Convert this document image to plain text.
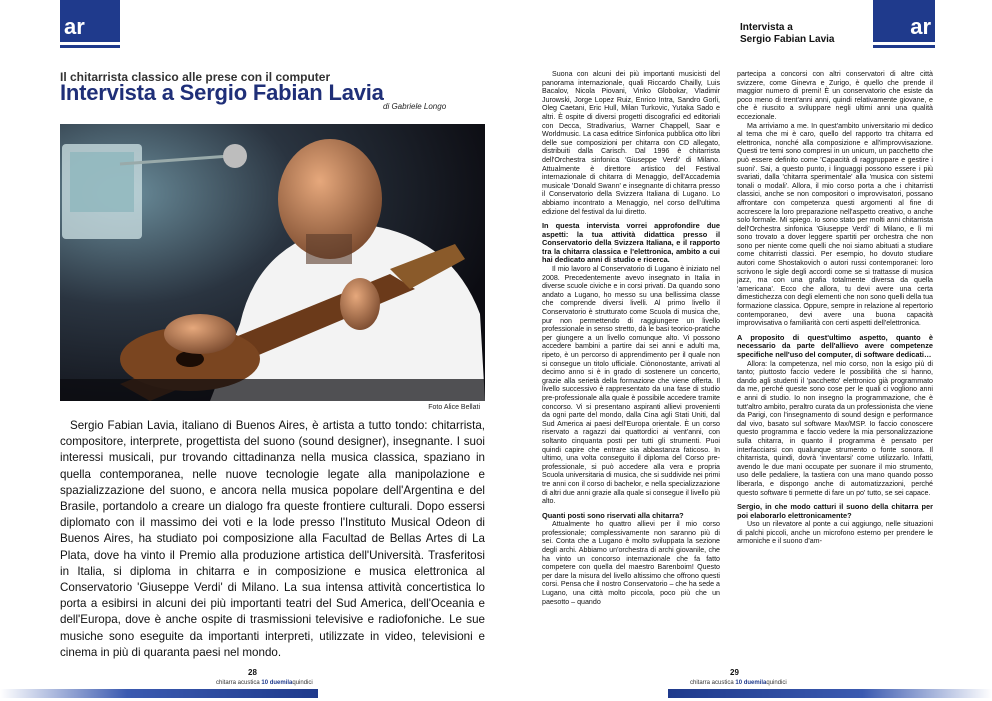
ar
Il chitarrista classico alle prese con il computer
Intervista a Sergio Fabian Lavia
di Gabriele Longo
Foto Alice Bellati
Sergio Fabian Lavia, italiano di Buenos Aires, è artista a tutto tondo: chitarrista, compositore, interprete, progettista del suono (sound designer), insegnante. I suoi interessi musicali, pur trovando cittadinanza nella musica classica, spaziano in quella contemporanea, nelle nuove tecnologie legate alla manipolazione e spazializzazione del suono, e ancora nella musica popolare dell'Argentina e del Brasile, portandolo a creare un dialogo fra queste frontiere culturali. Dopo essersi diplomato con il massimo dei voti e la lode presso l'Instituto Musical Odeon di Buenos Aires, ha studiato poi composizione alla Facultad de Bellas Artes di La Plata, dove ha vinto il Premio alla produzione artistica dell'Università. Trasferitosi in Italia, si diploma in chitarra e in composizione e musica elettronica al Conservatorio 'Giuseppe Verdi' di Milano. La sua intensa attività concertistica lo porta a esibirsi in alcuni dei più importanti teatri del Sud America, dell'Oceania e dell'Europa, dove è anche ospite di trasmissioni televisive e radiofoniche. Le sue musiche sono eseguite da importanti interpreti, utilizzate in video, televisioni e cinema in più di quaranta paesi nel mondo.
28
chitarra acustica 10 duemilaquindici
Intervista a
Sergio Fabian Lavia
ar

Suona con alcuni dei più importanti musicisti del panorama internazionale, quali Riccardo Chailly, Luis Bacalov, Nicola Piovani, Vinko Globokar, Vladimir Jurowski, Jorge Lopez Ruiz, Enrico Intra, Sandro Gorli, Oleg Caetani, Eric Hull, Milan Turkovic, Yutaka Sado e altri. È ospite di diversi progetti discografici ed editoriali con Decca, Stradivarius, Warner Chappell, Saar e Worldmusic. La casa editrice Sinfonica pubblica otto libri delle sue composizioni per chitarra con CD allegato, distribuiti dalla Carisch. Dal 1996 è chitarrista dell'Orchestra sinfonica 'Giuseppe Verdi' di Milano. Attualmente è direttore artistico del Festival internazionale di chitarra di Menaggio, dell'Accademia musicale 'Donald Swann' e insegnante di chitarra presso il Conservatorio della Svizzera Italiana di Lugano. Lo abbiamo incontrato a Menaggio, nel corso dell'ultima edizione del festival da lui diretto.

In questa intervista vorrei approfondire due aspetti: la tua attività didattica presso il Conservatorio della Svizzera Italiana, e il rapporto tra la chitarra classica e l'elettronica, ambito a cui hai dedicato anni di studio e ricerca.

Il mio lavoro al Conservatorio di Lugano è iniziato nel 2008. Precedentemente avevo insegnato in Italia in diverse scuole civiche e in corsi privati. Da quando sono andato a Lugano, ho messo su una bellissima classe che comprende diversi livelli. Al primo livello il Conservatorio è strutturato come Scuola di musica che, pur non permettendo di raggiungere un livello professionale in senso stretto, dà le basi teorico-pratiche per giungere a un livello comunque alto. Vi possono accedere bambini a partire dai sei anni e adulti ma, ripeto, è un percorso di apprendimento per il quale non si consegue un titolo ufficiale. Ciònonostante, arrivati al decimo anno si è in grado di sostenere un concerto, grazie alla serietà della formazione che viene offerta. Il livello successivo è rappresentato da una fase di studio pre-professionale alla quale è possibile accedere tramite concorso. Vi si presentano aspiranti allievi provenienti da ogni parte del mondo, dalla Cina agli Stati Uniti, dal Sud America ai paesi dell'Europa orientale. È un corso riservato a ragazzi dai quattordici ai vent'anni, con soltanto cinquanta posti per tutti gli strumenti. Puoi quindi capire che entrare sia abbastanza faticoso. In ultimo, una volta conseguito il diploma del Corso pre-professionale, si può accedere alla vera e propria Scuola universitaria di musica, che si suddivide nei primi tre anni con il corso di bachelor, e nella specializzazione di altri due anni grazie alla quale si consegue il livello più alto.

Quanti posti sono riservati alla chitarra?

Attualmente ho quattro allievi per il mio corso professionale; complessivamente non saranno più di sei. Conta che a Lugano è molto sviluppata la sezione degli archi. Abbiamo un'orchestra di archi giovanile, che ha vinto un concorso internazionale che fa fatto competere con quella del maestro Barenboim! Questo per dare la misura del livello altissimo che offrono questi corsi. Pensa che il nostro Conservatorio – che ha sede a Lugano, una città molto piccola, poco più che un paesotto – quando

partecipa a concorsi con altri conservatori di altre città svizzere, come Ginevra e Zurigo, è quello che prende il maggior numero di premi! È un conservatorio che esiste da poco meno di trent'anni anni, quindi relativamente giovane, e che è riuscito a sviluppare negli ultimi anni una qualità eccezionale.

Ma arriviamo a me. In quest'ambito universitario mi dedico al tema che mi è caro, quello del rapporto tra chitarra ed elettronica, nonché alla composizione e all'improvvisazione. Questi tre temi sono compresi in un unicum, un pacchetto che può essere definito come 'Capacità di raggruppare e gestire i suoni'. Sai, a questo punto, i linguaggi possono essere i più svariati, dalla 'chitarra sperimentale' alla 'musica con sistemi tonali o modali'. Allora, il mio corso porta a che i chitarristi classici, anche se non compositori o improvvisatori, possano affrontare con competenza questi argomenti al fine di accrescere la loro preparazione nell'aspetto creativo, o anche solo formale. Mi spiego. Io sono stato per molti anni chitarrista dell'Orchestra sinfonica 'Giuseppe Verdi' di Milano, e lì mi sono trovato a dover leggere spartiti per orchestra che non sono per niente come quelli che noi siamo abituati a studiare come chitarristi classici. Per esempio, ho dovuto studiare autori come Shostakovich o autori russi contemporanei: loro scrivono le sigle degli accordi come se si trattasse di musica jazz, ma con una grafia totalmente diversa da quella 'americana'. Ecco che allora, tu devi avere una certa dimestichezza con degli elementi che non sono quelli della tua formazione classica. Oppure, sempre in relazione al repertorio contemporaneo, devi avere una buona capacità improvvisativa o familiarità con certi aspetti dell'elettronica.

A proposito di quest'ultimo aspetto, quanto è necessario da parte dell'allievo avere competenze specifiche nell'uso del computer, di software dedicati…

Allora: la competenza, nel mio corso, non la esigo più di tanto; piuttosto faccio vedere le possibilità che si hanno, dando agli studenti il 'pacchetto' elettronico già programmato da me, perché queste sono cose per le quali ci vogliono anni e anni di studio. Io non insegno la programmazione, che è tutt'altro ambito, peraltro curata da un professionista che viene da Parigi, con l'insegnamento di sound design e performance dal vivo, basato sul software Max/MSP. Io faccio conoscere questo programma e faccio vedere la mia personalizzazione sulla chitarra, in quanto il programma è pensato per interfacciarsi con qualunque strumento o fonte sonora. Il chitarrista, quindi, dovrà 'inventarsi' come utilizzarlo. Infatti, avendo le due mani occupate per suonare il mio strumento, uso delle pedaliere, la tastiera con una mano quando posso liberarla, e dispongo anche di automatizzazioni, perché questo software ti permette di fare un po' tutto, se sei capace.

Sergio, in che modo catturi il suono della chitarra per poi elaborarlo elettronicamente?

Uso un rilevatore al ponte a cui aggiungo, nelle situazioni di palchi piccoli, anche un microfono esterno per prendere le armoniche e il suono d'am-

29
chitarra acustica 10 duemilaquindici
